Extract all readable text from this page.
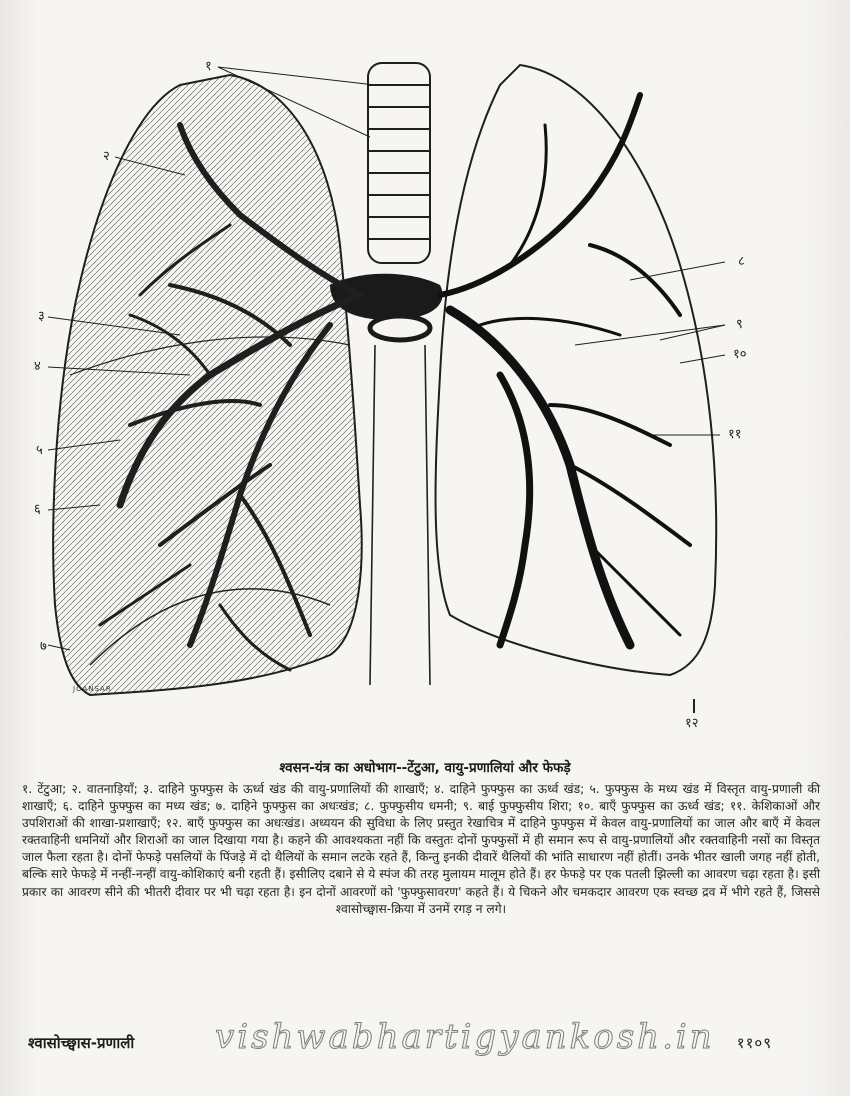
१
२
३
४
५
६
७
८
९
१०
११
१२
JOANSAR
श्वसन-यंत्र का अधोभाग--टेंटुआ, वायु-प्रणालियां और फेफड़े
१. टेंटुआ; २. वातनाड़ियाँ; ३. दाहिने फुफ्फुस के ऊर्ध्व खंड की वायु-प्रणालियों की शाखाएँ; ४. दाहिने फुफ्फुस का ऊर्ध्व खंड; ५. फुफ्फुस के मध्य खंड में विस्तृत वायु-प्रणाली की शाखाएँ; ६. दाहिने फुफ्फुस का मध्य खंड; ७. दाहिने फुफ्फुस का अधःखंड; ८. फुफ्फुसीय धमनी; ९. बाई फुफ्फुसीय शिरा; १०. बाएँ फुफ्फुस का ऊर्ध्व खंड; ११. केशिकाओं और उपशिराओं की शाखा-प्रशाखाएँ; १२. बाएँ फुफ्फुस का अधःखंड। अध्ययन की सुविधा के लिए प्रस्तुत रेखाचित्र में दाहिने फुफ्फुस में केवल वायु-प्रणालियों का जाल और बाएँ में केवल रक्तवाहिनी धमनियों और शिराओं का जाल दिखाया गया है। कहने की आवश्यकता नहीं कि वस्तुतः दोनों फुफ्फुसों में ही समान रूप से वायु-प्रणालियों और रक्तवाहिनी नसों का विस्तृत जाल फैला रहता है। दोनों फेफड़े पसलियों के पिंजड़े में दो थैलियों के समान लटके रहते हैं, किन्तु इनकी दीवारें थैलियों की भांति साधारण नहीं होतीं। उनके भीतर खाली जगह नहीं होती, बल्कि सारे फेफड़े में नन्हीं-नन्हीं वायु-कोशिकाएं बनी रहती हैं। इसीलिए दबाने से ये स्पंज की तरह मुलायम मालूम होते हैं। हर फेफड़े पर एक पतली झिल्ली का आवरण चढ़ा रहता है। इसी प्रकार का आवरण सीने की भीतरी दीवार पर भी चढ़ा रहता है। इन दोनों आवरणों को 'फुफ्फुसावरण' कहते हैं। ये चिकने और चमकदार आवरण एक स्वच्छ द्रव में भीगे रहते हैं, जिससे श्वासोच्छ्वास-क्रिया में उनमें रगड़ न लगे।
vishwabhartigyankosh.in
श्वासोच्छ्वास-प्रणाली	११०९
